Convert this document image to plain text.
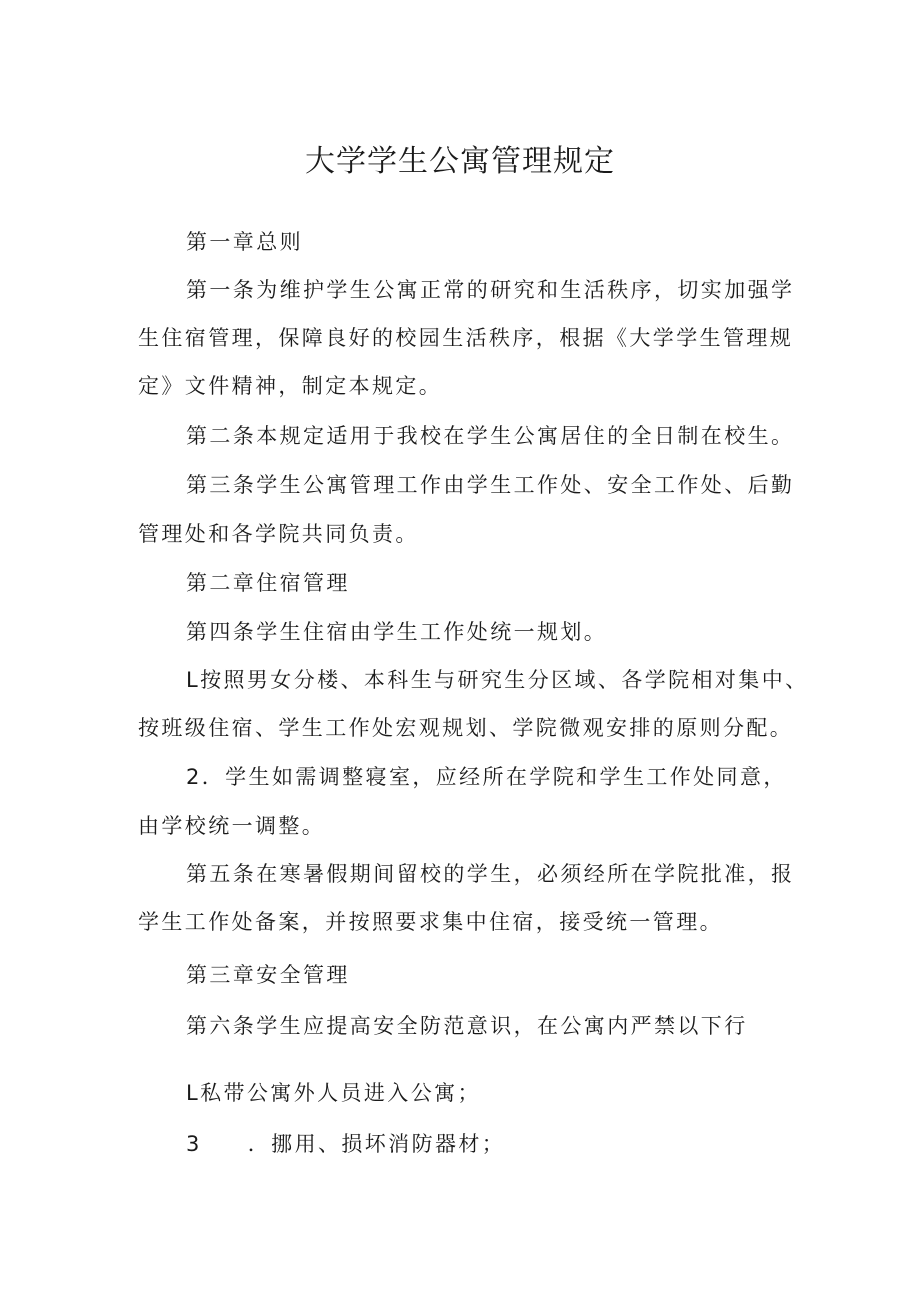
大学学生公寓管理规定
第一章总则
第一条为维护学生公寓正常的研究和生活秩序，切实加强学
生住宿管理，保障良好的校园生活秩序，根据《大学学生管理规
定》文件精神，制定本规定。
第二条本规定适用于我校在学生公寓居住的全日制在校生。
第三条学生公寓管理工作由学生工作处、安全工作处、后勤
管理处和各学院共同负责。
第二章住宿管理
第四条学生住宿由学生工作处统一规划。
L按照男女分楼、本科生与研究生分区域、各学院相对集中、
按班级住宿、学生工作处宏观规划、学院微观安排的原则分配。
2．学生如需调整寝室，应经所在学院和学生工作处同意，
由学校统一调整。
第五条在寒暑假期间留校的学生，必须经所在学院批准，报
学生工作处备案，并按照要求集中住宿，接受统一管理。
第三章安全管理
第六条学生应提高安全防范意识，在公寓内严禁以下行
L私带公寓外人员进入公寓；
3 ．挪用、损坏消防器材；
